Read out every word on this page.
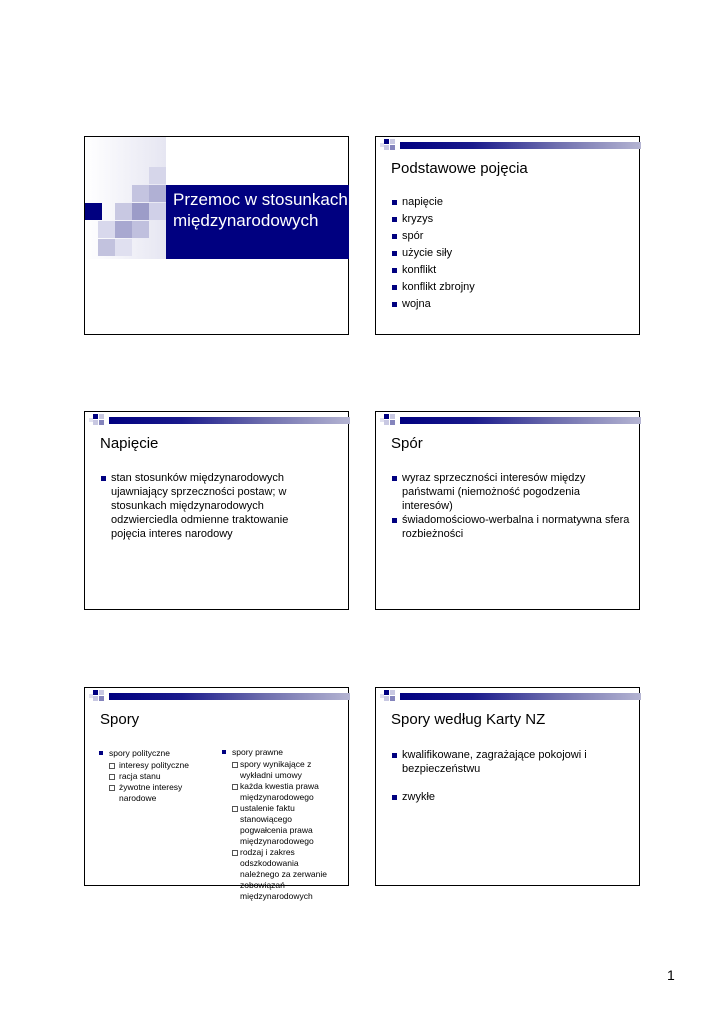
Przemoc w stosunkach międzynarodowych
Podstawowe pojęcia
napięcie
kryzys
spór
użycie siły
konflikt
konflikt zbrojny
wojna
Napięcie
stan stosunków międzynarodowych ujawniający sprzeczności postaw; w stosunkach międzynarodowych odzwierciedla odmienne traktowanie pojęcia interes narodowy
Spór
wyraz sprzeczności interesów między państwami (niemożność pogodzenia interesów)
świadomościowo-werbalna i normatywna sfera rozbieżności
Spory
spory polityczne
interesy polityczne
racja stanu
żywotne interesy narodowe
spory prawne
spory wynikające z wykładni umowy
każda kwestia prawa międzynarodowego
ustalenie faktu stanowiącego pogwałcenia prawa międzynarodowego
rodzaj i zakres odszkodowania należnego za zerwanie zobowiązań międzynarodowych
Spory według Karty NZ
kwalifikowane, zagrażające pokojowi i bezpieczeństwu
zwykłe
1
